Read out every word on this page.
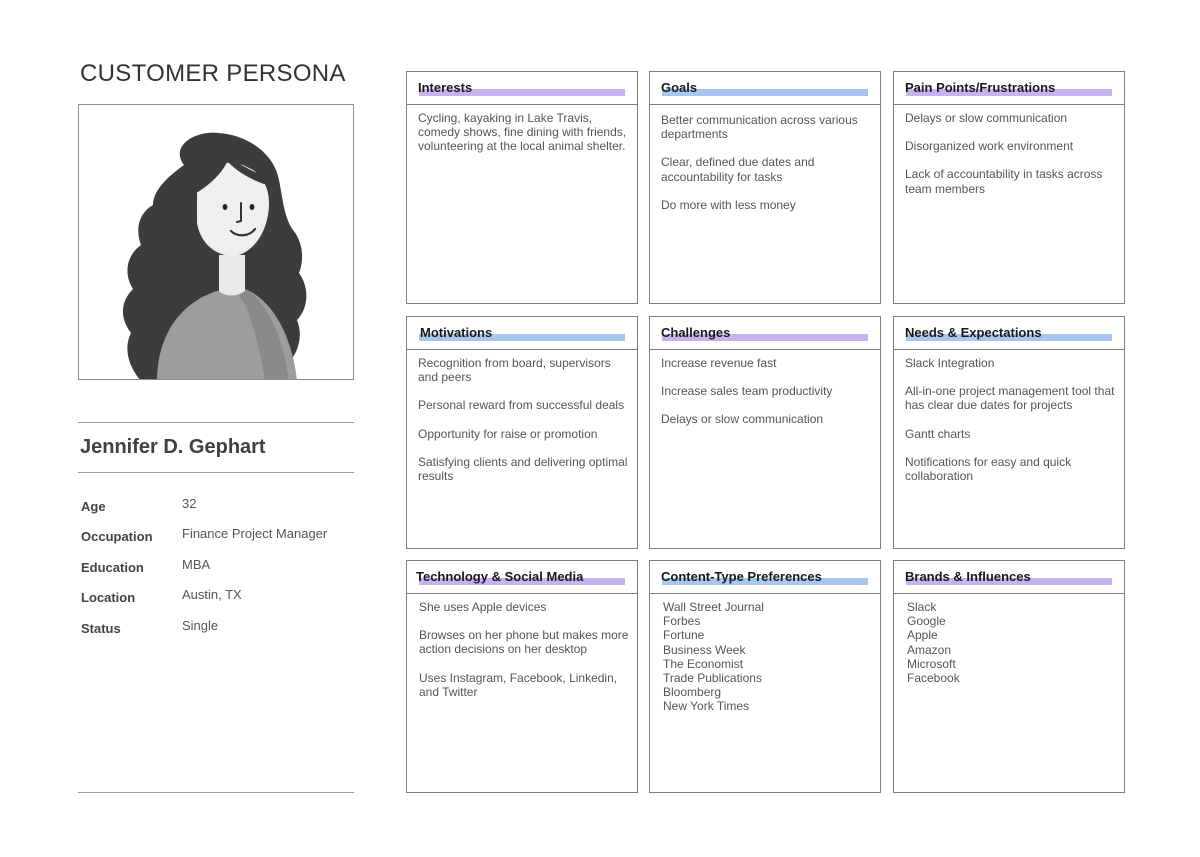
CUSTOMER PERSONA
Jennifer D. Gephart
Age	32
Occupation Finance Project Manager
Education	MBA
Location	Austin, TX
Status	Single
Interests

Cycling, kayaking in Lake Travis, comedy shows, fine dining with friends, volunteering at the local animal shelter.

Goals

Better communication across various departments

Clear, defined due dates and accountability for tasks

Do more with less money

Pain Points/Frustrations

Delays or slow communication

Disorganized work environment

Lack of accountability in tasks across team members

Motivations

Recognition from board, supervisors and peers

Personal reward from successful deals

Opportunity for raise or promotion

Satisfying clients and delivering optimal results

Challenges

Increase revenue fast

Increase sales team productivity

Delays or slow communication

Needs & Expectations

Slack Integration

All-in-one project management tool that has clear due dates for projects

Gantt charts

Notifications for easy and quick collaboration

Technology & Social Media

She uses Apple devices

Browses on her phone but makes more action decisions on her desktop

Uses Instagram, Facebook, Linkedin, and Twitter

Content-Type Preferences

Wall Street Journal

Forbes

Fortune

Business Week

The Economist

Trade Publications

Bloomberg

New York Times

Brands & Influences

Slack

Google

Apple

Amazon

Microsoft

Facebook
